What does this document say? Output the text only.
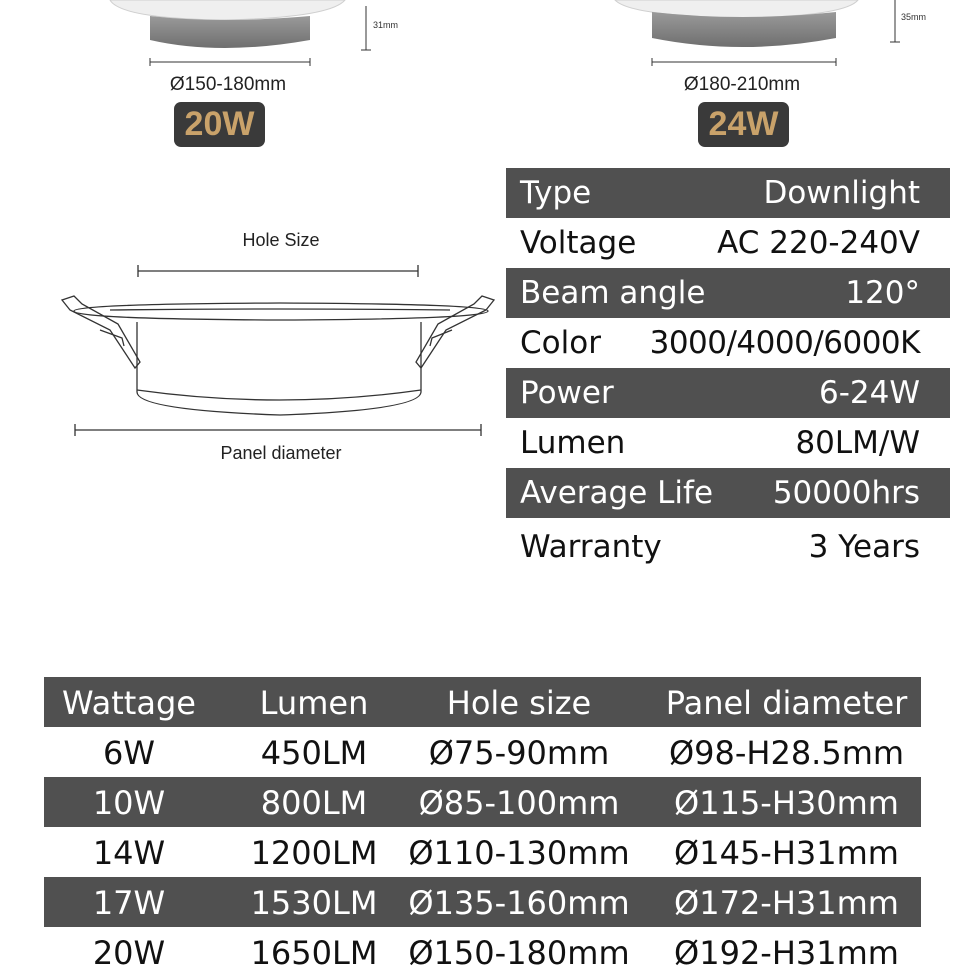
31mm
Ø150-180mm
20W
35mm
Ø180-210mm
24W
Hole Size
Panel diameter
Type	Downlight
Voltage	AC 220-240V
Beam angle	120°
Color 3000/4000/6000K
Power	6-24W
Lumen	80LM/W
Average Life 50000hrs
Warranty	3 Years
Wattage	Lumen	Hole size	Panel diameter
6W	450LM	Ø75-90mm	Ø98-H28.5mm
10W	800LM	Ø85-100mm	Ø115-H30mm
14W	1200LM Ø110-130mm	Ø145-H31mm
17W	1530LM Ø135-160mm	Ø172-H31mm
20W	1650LM Ø150-180mm	Ø192-H31mm
